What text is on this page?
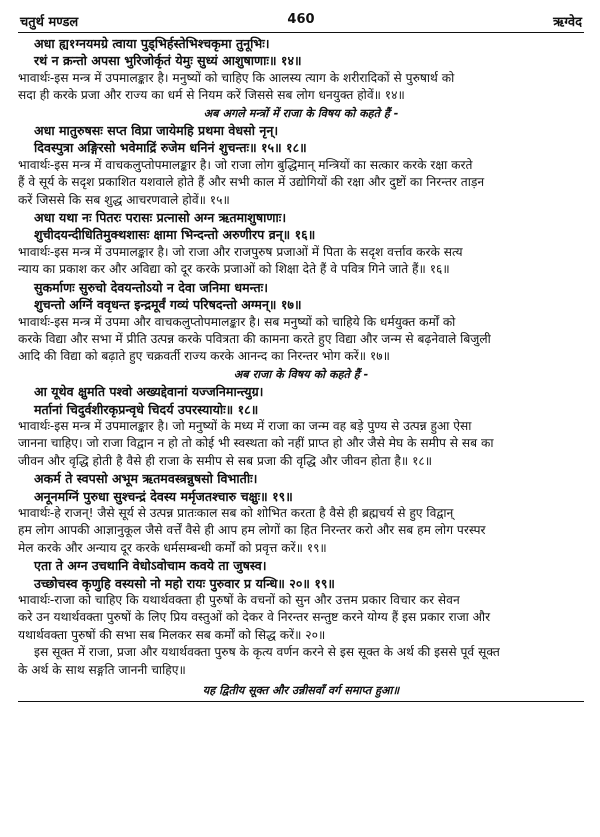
चतुर्थ मण्डल	460	ऋग्वेद
अधा ह्य१ग्नयमग्रे त्वाया पुड्भिर्हस्तेभिश्चकृमा तुनूभिः।
रथं न क्रन्तो अपसा भुरिजोर्कृतं येमुः सुध्यं आशुषाणाः॥ १४॥
भावार्थः-इस मन्त्र में उपमालङ्कार है। मनुष्यों को चाहिए कि आलस्य त्याग के शरीरादिकों से पुरुषार्थ को
सदा ही करके प्रजा और राज्य का धर्म से नियम करें जिससे सब लोग धनयुक्त होवें॥ १४॥
अब अगले मन्त्रों में राजा के विषय को कहते हैं -
अधा मातुरुषसः सप्त विप्रा जायेमहि प्रथमा वेधसो नृन्।
दिवस्पुत्रा अङ्गिरसो भवेमाद्रिं रुजेम धनिनं शुचन्तः॥ १५॥ १८॥
भावार्थः-इस मन्त्र में वाचकलुप्तोपमालङ्कार है। जो राजा लोग बुद्धिमान् मन्त्रियों का सत्कार करके रक्षा करते
हैं वे सूर्य के सदृश प्रकाशित यशवाले होते हैं और सभी काल में उद्योगियों की रक्षा और दुष्टों का निरन्तर ताड़न
करें जिससे कि सब शुद्ध आचरणवाले होवें॥ १५॥
अधा यथा नः पितरः परासः प्रत्नासो अग्न ऋतमाशुषाणाः।
शुचीदयन्दीधितिमुक्थशासः क्षामा भिन्दन्तो अरुणीरप व्रन्॥ १६॥
भावार्थः-इस मन्त्र में उपमालङ्कार है। जो राजा और राजपुरुष प्रजाओं में पिता के सदृश वर्त्ताव करके सत्य
न्याय का प्रकाश कर और अविद्या को दूर करके प्रजाओं को शिक्षा देते हैं वे पवित्र गिने जाते हैं॥ १६॥
सुकर्माणः सुरुचो देवयन्तोऽयो न देवा जनिमा धमन्तः।
शुचन्तो अग्निं ववृधन्त इन्द्रमूर्वं गव्यं परिषदन्तो अग्मन्॥ १७॥
भावार्थः-इस मन्त्र में उपमा और वाचकलुप्तोपमालङ्कार है। सब मनुष्यों को चाहिये कि धर्मयुक्त कर्मों को
करके विद्या और सभा में प्रीति उत्पन्न करके पवित्रता की कामना करते हुए विद्या और जन्म से बढ़नेवाले बिजुली
आदि की विद्या को बढ़ाते हुए चक्रवर्ती राज्य करके आनन्द का निरन्तर भोग करें॥ १७॥
अब राजा के विषय को कहते हैं -
आ यूथेव क्षुमति पश्वो अख्यद्देवानां यज्जनिमान्त्युग्र।
मर्तानां चिदुर्वशीरकृप्रन्वृधे चिदर्य उपरस्यायोः॥ १८॥
भावार्थः-इस मन्त्र में उपमालङ्कार है। जो मनुष्यों के मध्य में राजा का जन्म वह बड़े पुण्य से उत्पन्न हुआ ऐसा
जानना चाहिए। जो राजा विद्वान न हो तो कोई भी स्वस्थता को नहीं प्राप्त हो और जैसे मेघ के समीप से सब का
जीवन और वृद्धि होती है वैसे ही राजा के समीप से सब प्रजा की वृद्धि और जीवन होता है॥ १८॥
अकर्म ते स्वपसो अभूम ऋतमवस्त्रन्नुषसो विभातीः।
अनूनमग्निं पुरुधा सुश्चन्द्रं देवस्य मर्मृजतश्चारु चक्षुः॥ १९॥
भावार्थः-हे राजन्! जैसे सूर्य से उत्पन्न प्रातःकाल सब को शोभित करता है वैसे ही ब्रह्मचर्य से हुए विद्वान्
हम लोग आपकी आज्ञानुकूल जैसे वर्त्तें वैसे ही आप हम लोगों का हित निरन्तर करो और सब हम लोग परस्पर
मेल करके और अन्याय दूर करके धर्मसम्बन्धी कर्मों को प्रवृत्त करें॥ १९॥
एता ते अग्न उचथानि वेधोऽवोचाम कवये ता जुषस्व।
उच्छोचस्व कृणुहि वस्यसो नो महो रायः पुरुवार प्र यन्धि॥ २०॥ १९॥
भावार्थः-राजा को चाहिए कि यथार्थवक्ता ही पुरुषों के वचनों को सुन और उत्तम प्रकार विचार कर सेवन
करे उन यथार्थवक्ता पुरुषों के लिए प्रिय वस्तुओं को देकर वे निरन्तर सन्तुष्ट करने योग्य हैं इस प्रकार राजा और
यथार्थवक्ता पुरुषों की सभा सब मिलकर सब कर्मों को सिद्ध करें॥ २०॥
इस सूक्त में राजा, प्रजा और यथार्थवक्ता पुरुष के कृत्य वर्णन करने से इस सूक्त के अर्थ की इससे पूर्व सूक्त
के अर्थ के साथ सङ्गति जाननी चाहिए॥
यह द्वितीय सूक्त और उन्नीसवाँ वर्ग समाप्त हुआ॥
